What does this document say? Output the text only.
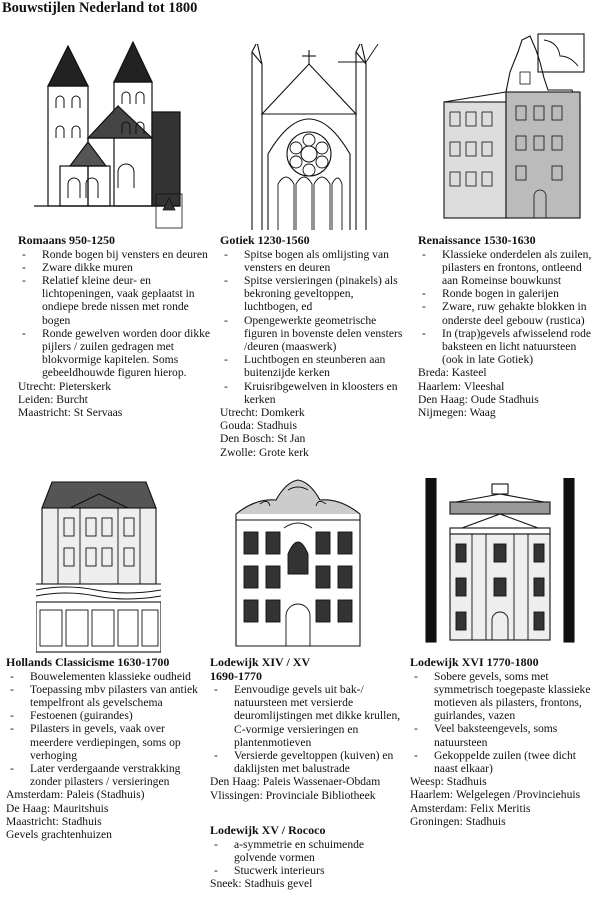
Bouwstijlen Nederland tot 1800
Romaans 950-1250
- Ronde bogen bij vensters en deuren
- Zware dikke muren
- Relatief kleine deur- en lichtopeningen, vaak geplaatst in ondiepe brede nissen met ronde bogen
- Ronde gewelven worden door dikke pijlers / zuilen gedragen met blokvormige kapitelen. Soms gebeeldhouwde figuren hierop.
Utrecht: Pieterskerk
Leiden: Burcht
Maastricht: St Servaas
Gotiek 1230-1560
- Spitse bogen als omlijsting van vensters en deuren
- Spitse versieringen (pinakels) als bekroning geveltoppen, luchtbogen, ed
- Opengewerkte geometrische figuren in bovenste delen vensters /deuren (maaswerk)
- Luchtbogen en steunberen aan buitenzijde kerken
- Kruisribgewelven in kloosters en kerken
Utrecht: Domkerk
Gouda: Stadhuis
Den Bosch: St Jan
Zwolle: Grote kerk
Renaissance 1530-1630
- Klassieke onderdelen als zuilen, pilasters en frontons, ontleend aan Romeinse bouwkunst
- Ronde bogen in galerijen
- Zware, ruw gehakte blokken in onderste deel gebouw (rustica)
- In (trap)gevels afwisselend rode baksteen en licht natuursteen (ook in late Gotiek)
Breda: Kasteel
Haarlem: Vleeshal
Den Haag: Oude Stadhuis
Nijmegen: Waag
Hollands Classicisme 1630-1700
- Bouwelementen klassieke oudheid
- Toepassing mbv pilasters van antiek tempelfront als gevelschema
- Festoenen (guirandes)
- Pilasters in gevels, vaak over meerdere verdiepingen, soms op verhoging
- Later verdergaande verstrakking zonder pilasters / versieringen
Amsterdam: Paleis (Stadhuis)
De Haag: Mauritshuis
Maastricht: Stadhuis
Gevels grachtenhuizen
Lodewijk XIV / XV
1690-1770
- Eenvoudige gevels uit bak-/ natuursteen met versierde deuromlijstingen met dikke krullen, C-vormige versieringen en plantenmotieven
- Versierde geveltoppen (kuiven) en daklijsten met balustrade
Den Haag: Paleis Wassenaer-Obdam
Vlissingen: Provinciale Bibliotheek
Lodewijk XV / Rococo
- a-symmetrie en schuimende golvende vormen
- Stucwerk interieurs
Sneek: Stadhuis gevel
Lodewijk XVI 1770-1800
- Sobere gevels, soms met symmetrisch toegepaste klassieke motieven als pilasters, frontons, guirlandes, vazen
- Veel baksteengevels, soms natuursteen
- Gekoppelde zuilen (twee dicht naast elkaar)
Weesp: Stadhuis
Haarlem: Welgelegen /Provinciehuis
Amsterdam: Felix Meritis
Groningen: Stadhuis
